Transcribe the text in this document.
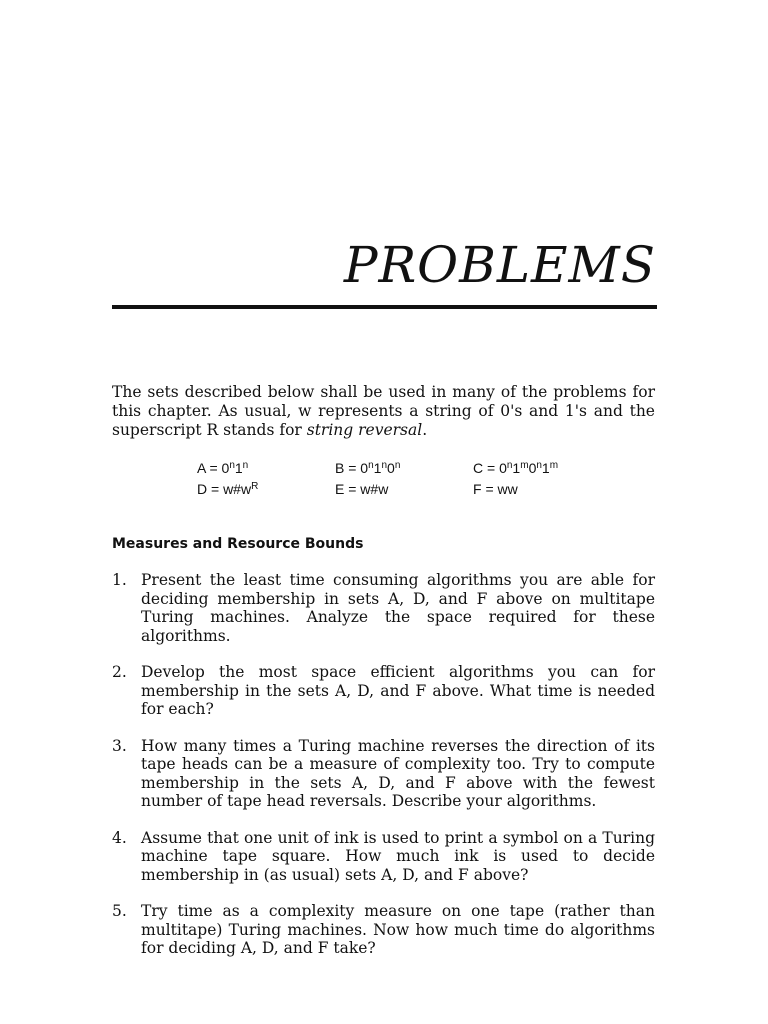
PROBLEMS

The sets described below shall be used in many of the problems for this chapter. As usual, w represents a string of 0's and 1's and the superscript R stands for string reversal.

$A = 0^n1^n$	$B = 0^n1^n0^n$	$C = 0^n1^m0^n1^m$
$D = w\#w^R$	E = w#w	F = ww
Measures and Resource Bounds
1. Present the least time consuming algorithms you are able for deciding membership in sets A, D, and F above on multitape Turing machines. Analyze the space required for these algorithms.
2. Develop the most space efficient algorithms you can for membership in the sets A, D, and F above. What time is needed for each?
3. How many times a Turing machine reverses the direction of its tape heads can be a measure of complexity too. Try to compute membership in the sets A, D, and F above with the fewest number of tape head reversals. Describe your algorithms.
4. Assume that one unit of ink is used to print a symbol on a Turing machine tape square. How much ink is used to decide membership in (as usual) sets A, D, and F above?
5. Try time as a complexity measure on one tape (rather than multitape) Turing machines. Now how much time do algorithms for deciding A, D, and F take?
